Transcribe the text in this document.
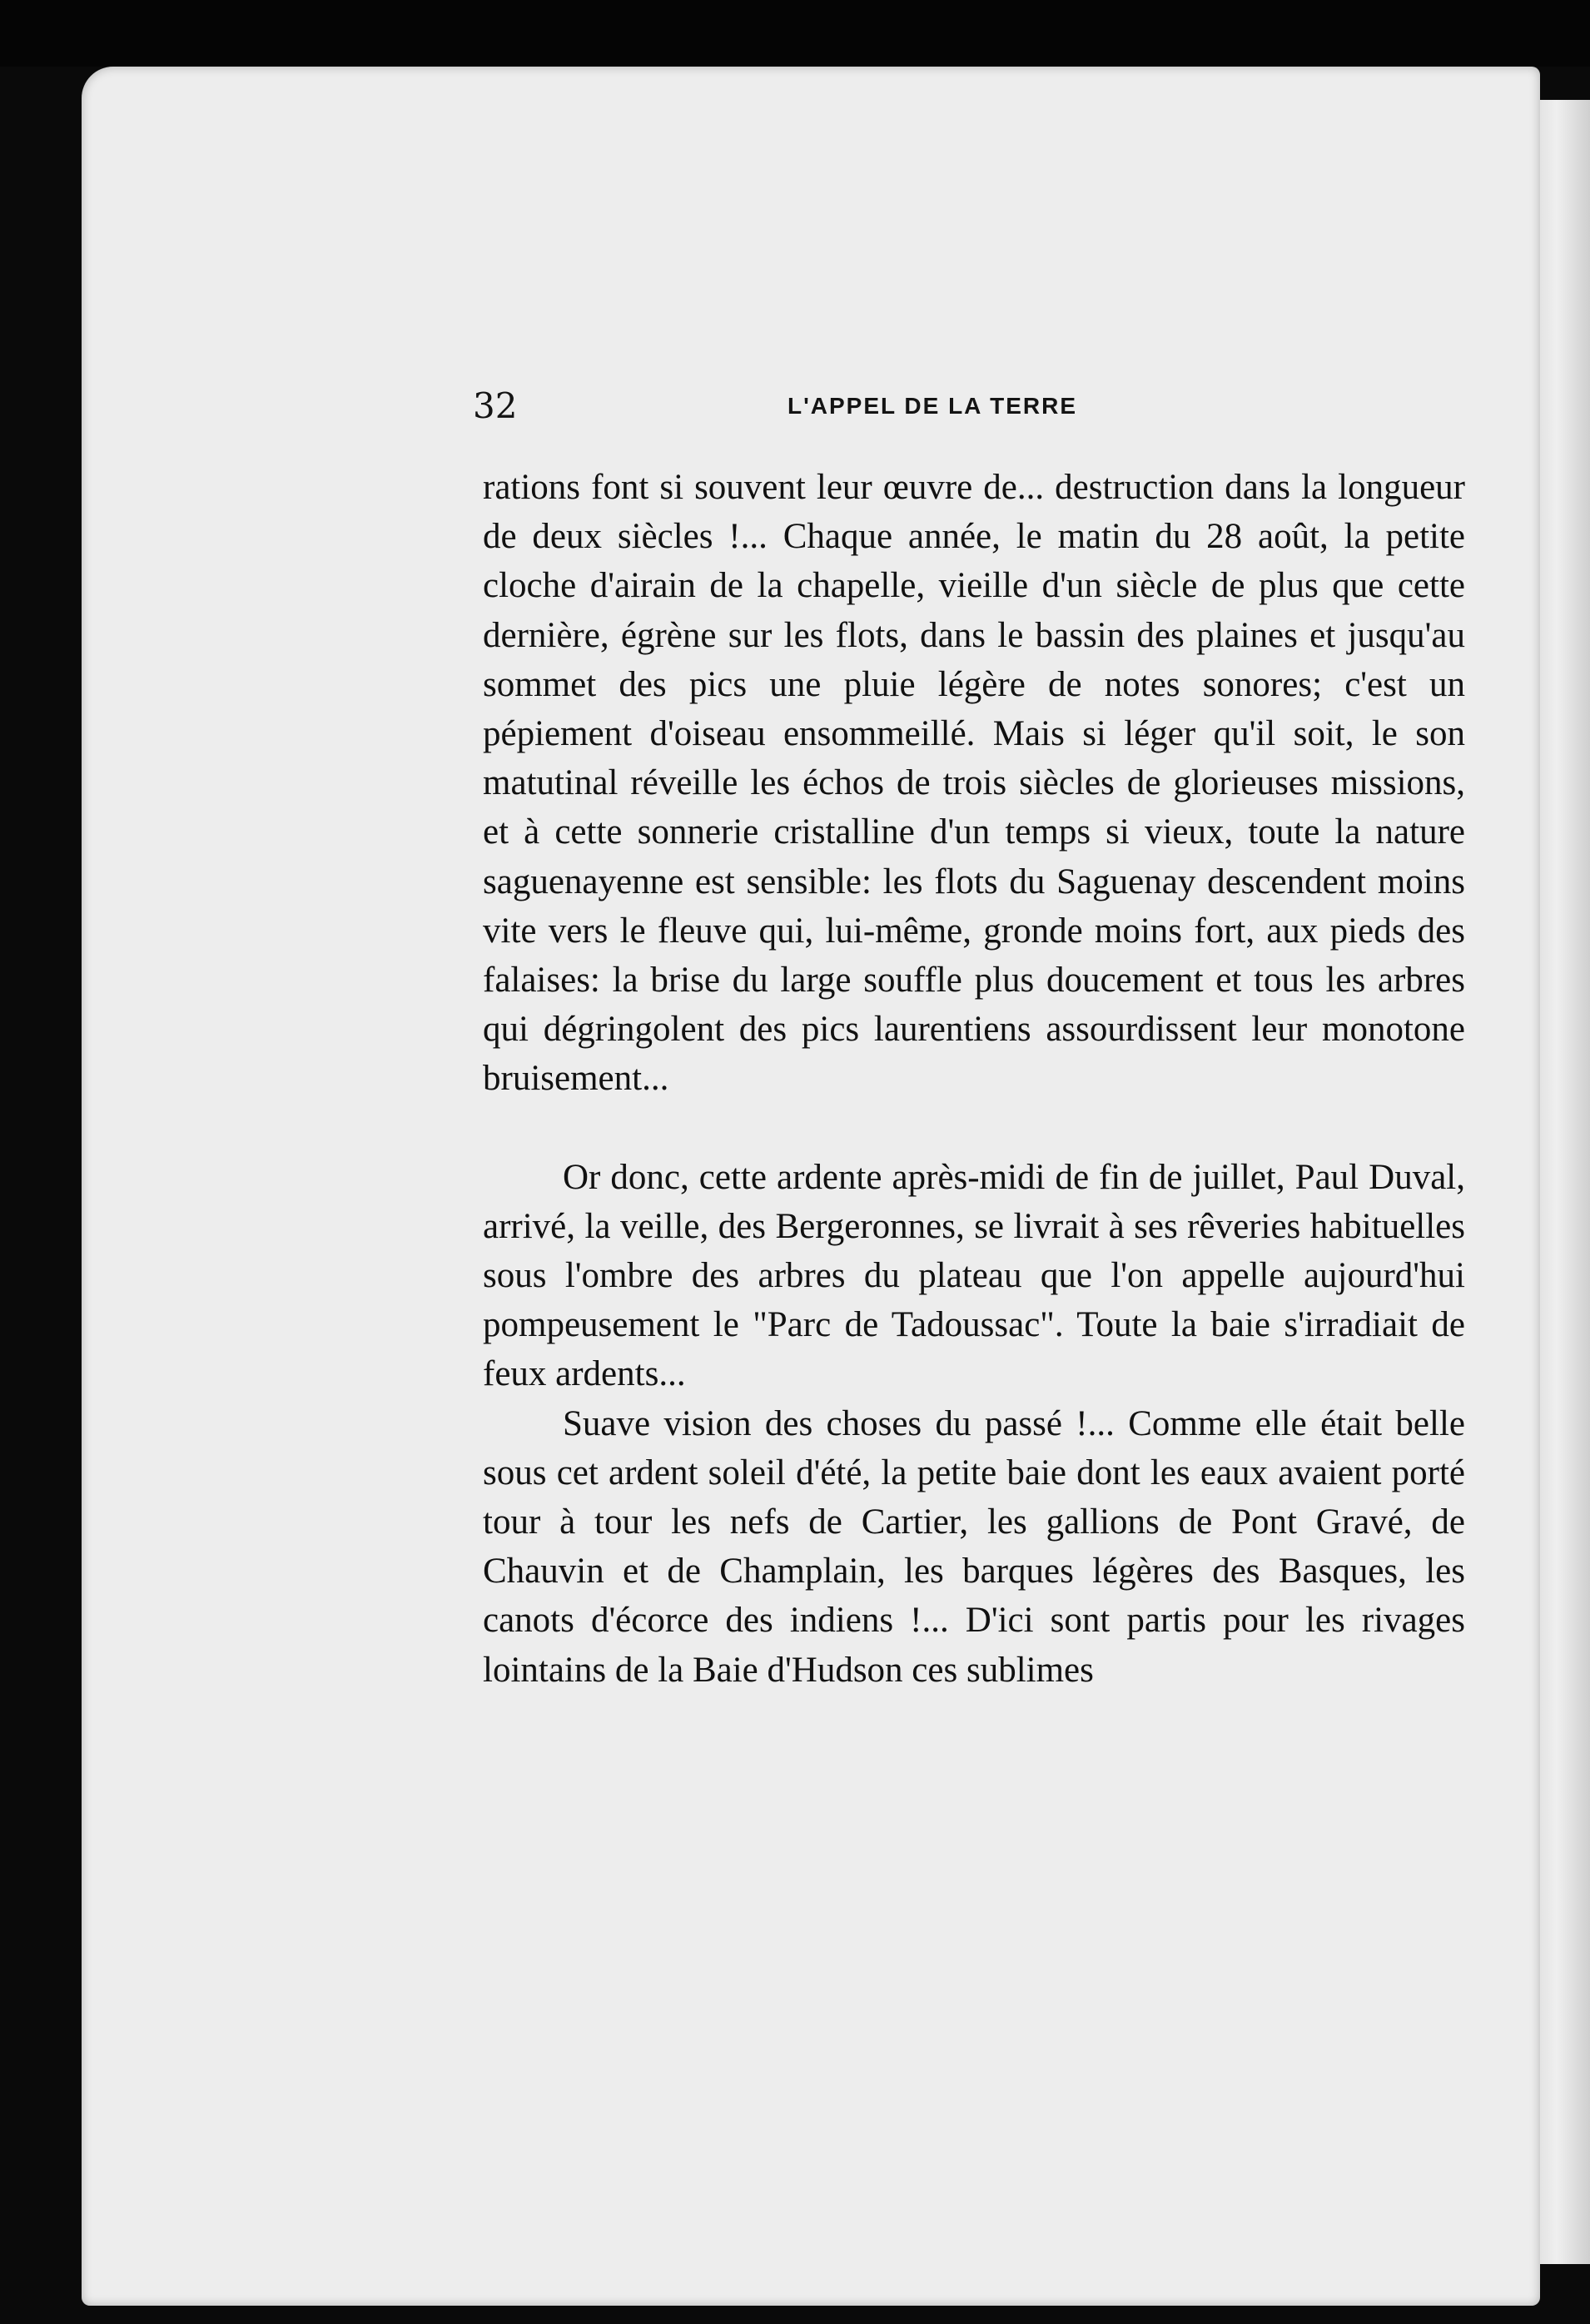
32	L'APPEL DE LA TERRE

rations font si souvent leur œuvre de... destruction dans la longueur de deux siècles !... Chaque année, le matin du 28 août, la petite cloche d'airain de la chapelle, vieille d'un siècle de plus que cette dernière, égrène sur les flots, dans le bassin des plaines et jusqu'au sommet des pics une pluie légère de notes sonores; c'est un pépiement d'oiseau ensommeillé. Mais si léger qu'il soit, le son matutinal réveille les échos de trois siècles de glorieuses missions, et à cette sonnerie cristalline d'un temps si vieux, toute la nature saguenayenne est sensible: les flots du Saguenay descendent moins vite vers le fleuve qui, lui-même, gronde moins fort, aux pieds des falaises: la brise du large souffle plus doucement et tous les arbres qui dégringolent des pics laurentiens assourdissent leur monotone bruisement...

Or donc, cette ardente après-midi de fin de juillet, Paul Duval, arrivé, la veille, des Bergeronnes, se livrait à ses rêveries habituelles sous l'ombre des arbres du plateau que l'on appelle aujourd'hui pompeusement le "Parc de Tadoussac". Toute la baie s'irradiait de feux ardents...

Suave vision des choses du passé !... Comme elle était belle sous cet ardent soleil d'été, la petite baie dont les eaux avaient porté tour à tour les nefs de Cartier, les gallions de Pont Gravé, de Chauvin et de Champlain, les barques légères des Basques, les canots d'écorce des indiens !... D'ici sont partis pour les rivages lointains de la Baie d'Hudson ces sublimes
